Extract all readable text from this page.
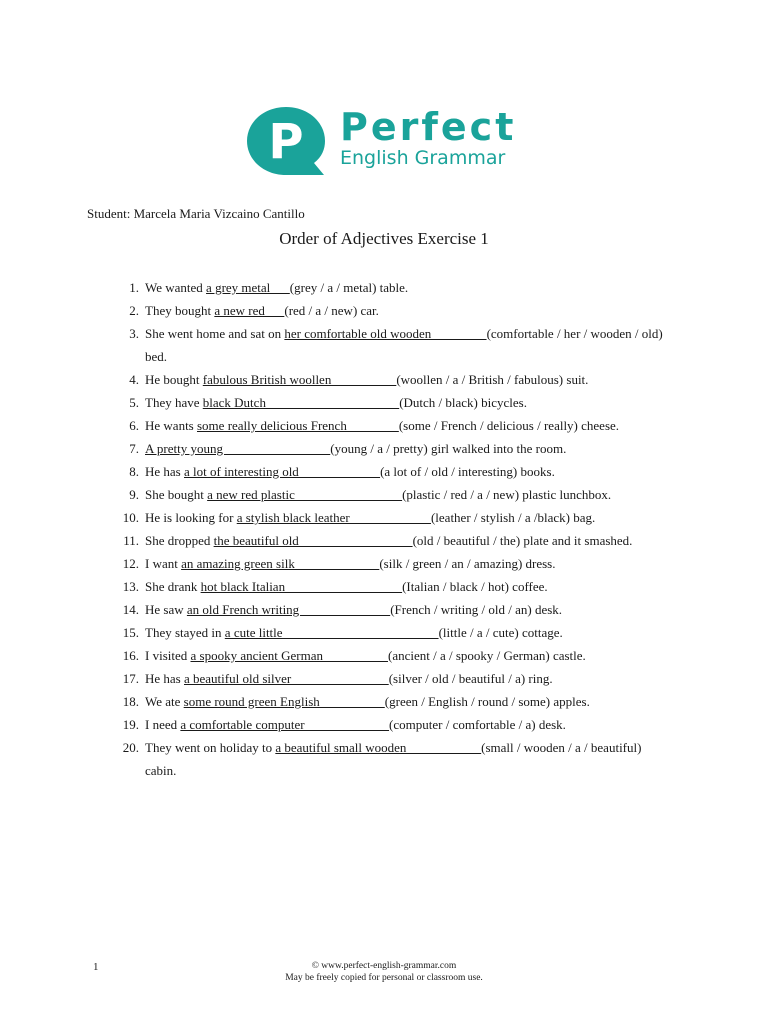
P Perfect
English Grammar
Student: Marcela Maria Vizcaino Cantillo
Order of Adjectives Exercise 1
1. We wanted a grey metal      (grey / a / metal) table.
2. They bought a new red      (red / a / new) car.
3. She went home and sat on her comfortable old wooden                 (comfortable / her / wooden / old) bed.
4. He bought fabulous British woollen                    (woollen / a / British / fabulous) suit.
5. They have black Dutch                                         (Dutch / black) bicycles.
6. He wants some really delicious French                (some / French / delicious / really) cheese.
7. A pretty young                                 (young / a / pretty) girl walked into the room.
8. He has a lot of interesting old                         (a lot of / old / interesting) books.
9. She bought a new red plastic                                 (plastic / red / a / new) plastic lunchbox.
10. He is looking for a stylish black leather                         (leather / stylish / a /black) bag.
11. She dropped the beautiful old                                   (old / beautiful / the) plate and it smashed.
12. I want an amazing green silk                          (silk / green / an / amazing) dress.
13. She drank hot black Italian                                    (Italian / black / hot) coffee.
14. He saw an old French writing                            (French / writing / old / an) desk.
15. They stayed in a cute little                                                (little / a / cute) cottage.
16. I visited a spooky ancient German                    (ancient / a / spooky / German) castle.
17. He has a beautiful old silver                              (silver / old / beautiful / a) ring.
18. We ate some round green English                    (green / English / round / some) apples.
19. I need a comfortable computer                          (computer / comfortable / a) desk.
20. They went on holiday to a beautiful small wooden                       (small / wooden / a / beautiful) cabin.
1	© www.perfect-english-grammar.com
May be freely copied for personal or classroom use.
